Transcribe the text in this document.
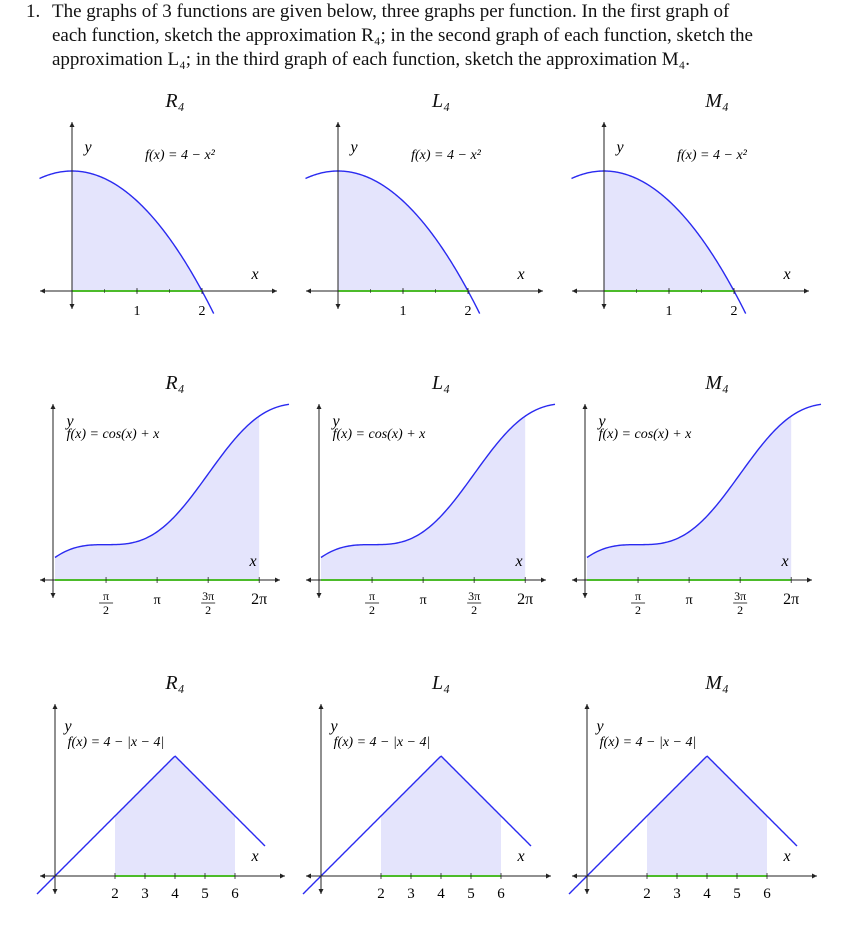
1. The graphs of 3 functions are given below, three graphs per function. In the first graph of
each function, sketch the approximation R₄; in the second graph of each function, sketch the
approximation L₄; in the third graph of each function, sketch the approximation M₄.
R₄
y
x
f(x) = 4 − x²
1	2
L₄
y
x
f(x) = 4 − x²
1	2
M₄
y
x
f(x) = 4 − x²
1	2
R₄
y
x
f(x) = cos(x) + x
π
2
π	3π
2
2π
L₄
y
x
f(x) = cos(x) + x
π
2
π	3π
2
2π
M₄
y
x
f(x) = cos(x) + x
π
2
π	3π
2
2π
R₄
y
x
f(x) = 4 − |x − 4|
2 3 4 5 6
L₄
y
x
f(x) = 4 − |x − 4|
2 3 4 5 6
M₄
y
x
f(x) = 4 − |x − 4|
2 3 4 5 6
